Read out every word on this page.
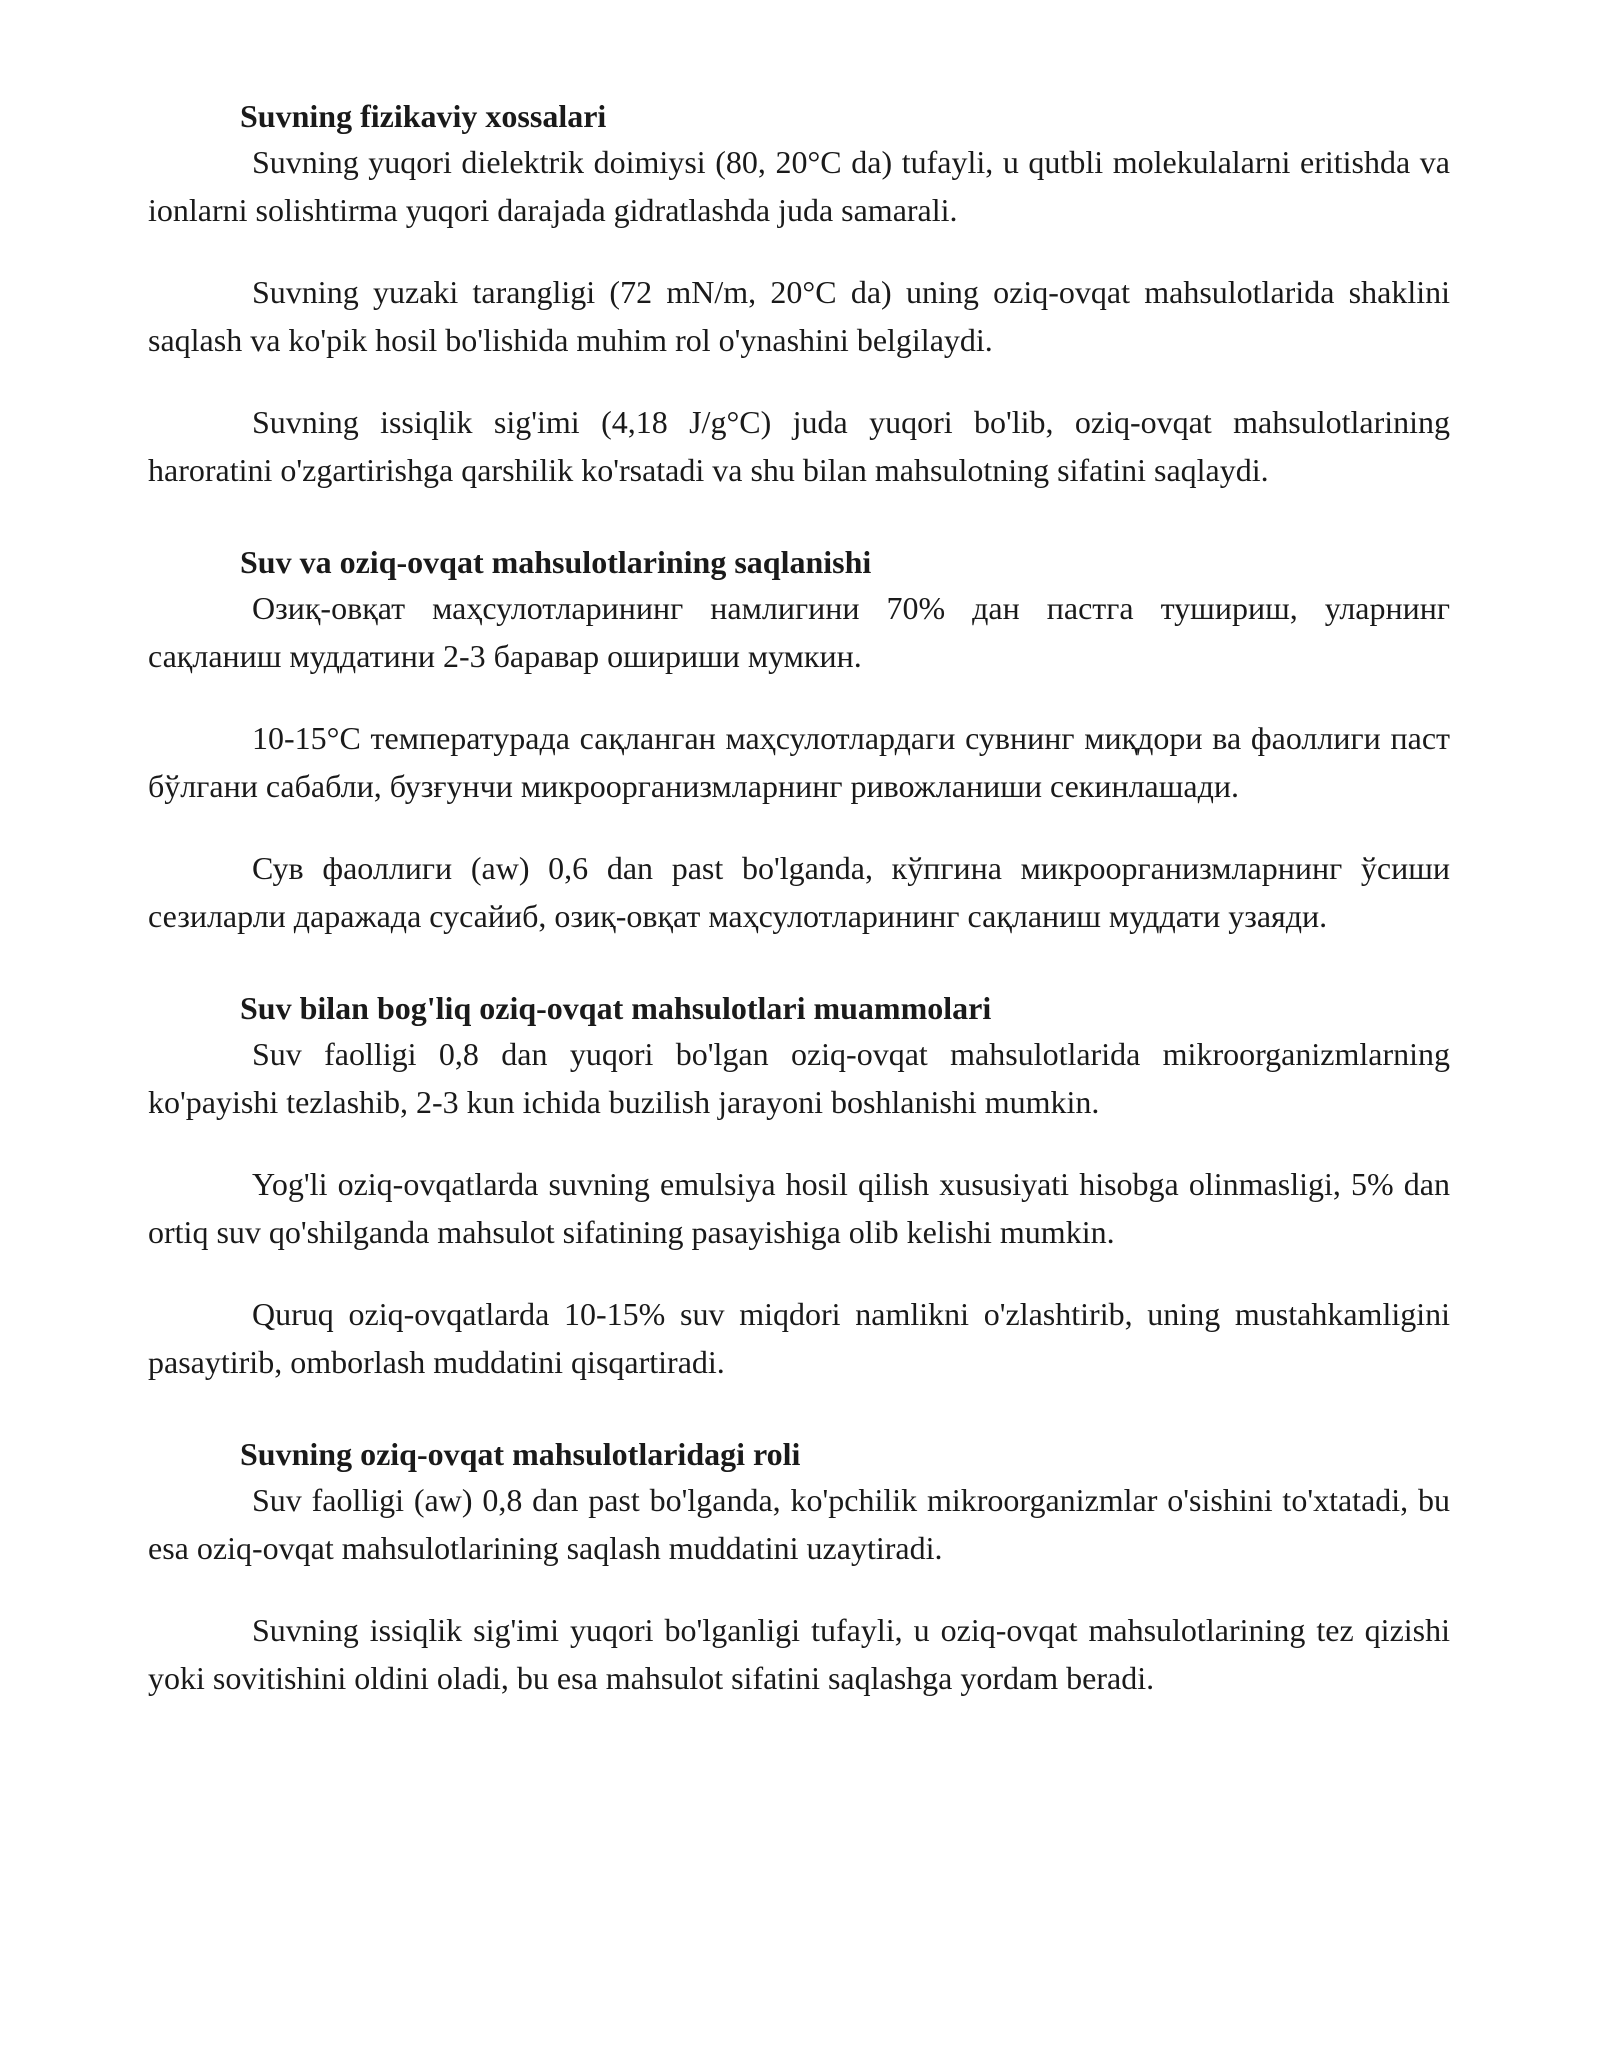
Suvning fizikaviy xossalari

Suvning yuqori dielektrik doimiysi (80, 20°C da) tufayli, u qutbli molekulalarni eritishda va ionlarni solishtirma yuqori darajada gidratlashda juda samarali.

Suvning yuzaki tarangligi (72 mN/m, 20°C da) uning oziq-ovqat mahsulotlarida shaklini saqlash va ko'pik hosil bo'lishida muhim rol o'ynashini belgilaydi.

Suvning issiqlik sig'imi (4,18 J/g°C) juda yuqori bo'lib, oziq-ovqat mahsulotlarining haroratini o'zgartirishga qarshilik ko'rsatadi va shu bilan mahsulotning sifatini saqlaydi.

Suv va oziq-ovqat mahsulotlarining saqlanishi

Озиқ-овқат маҳсулотларининг намлигини 70% дан пастга тушириш, уларнинг сақланиш муддатини 2-3 баравар ошириши мумкин.

10-15°C температурада сақланган маҳсулотлардаги сувнинг миқдори ва фаоллиги паст бўлгани сабабли, бузғунчи микроорганизмларнинг ривожланиши секинлашади.

Сув фаоллиги (aw) 0,6 dan past bo'lganda, кўпгина микроорганизмларнинг ўсиши сезиларли даражада сусайиб, озиқ-овқат маҳсулотларининг сақланиш муддати узаяди.

Suv bilan bog'liq oziq-ovqat mahsulotlari muammolari

Suv faolligi 0,8 dan yuqori bo'lgan oziq-ovqat mahsulotlarida mikroorganizmlarning ko'payishi tezlashib, 2-3 kun ichida buzilish jarayoni boshlanishi mumkin.

Yog'li oziq-ovqatlarda suvning emulsiya hosil qilish xususiyati hisobga olinmasligi, 5% dan ortiq suv qo'shilganda mahsulot sifatining pasayishiga olib kelishi mumkin.

Quruq oziq-ovqatlarda 10-15% suv miqdori namlikni o'zlashtirib, uning mustahkamligini pasaytirib, omborlash muddatini qisqartiradi.

Suvning oziq-ovqat mahsulotlaridagi roli

Suv faolligi (aw) 0,8 dan past bo'lganda, ko'pchilik mikroorganizmlar o'sishini to'xtatadi, bu esa oziq-ovqat mahsulotlarining saqlash muddatini uzaytiradi.

Suvning issiqlik sig'imi yuqori bo'lganligi tufayli, u oziq-ovqat mahsulotlarining tez qizishi yoki sovitishini oldini oladi, bu esa mahsulot sifatini saqlashga yordam beradi.
